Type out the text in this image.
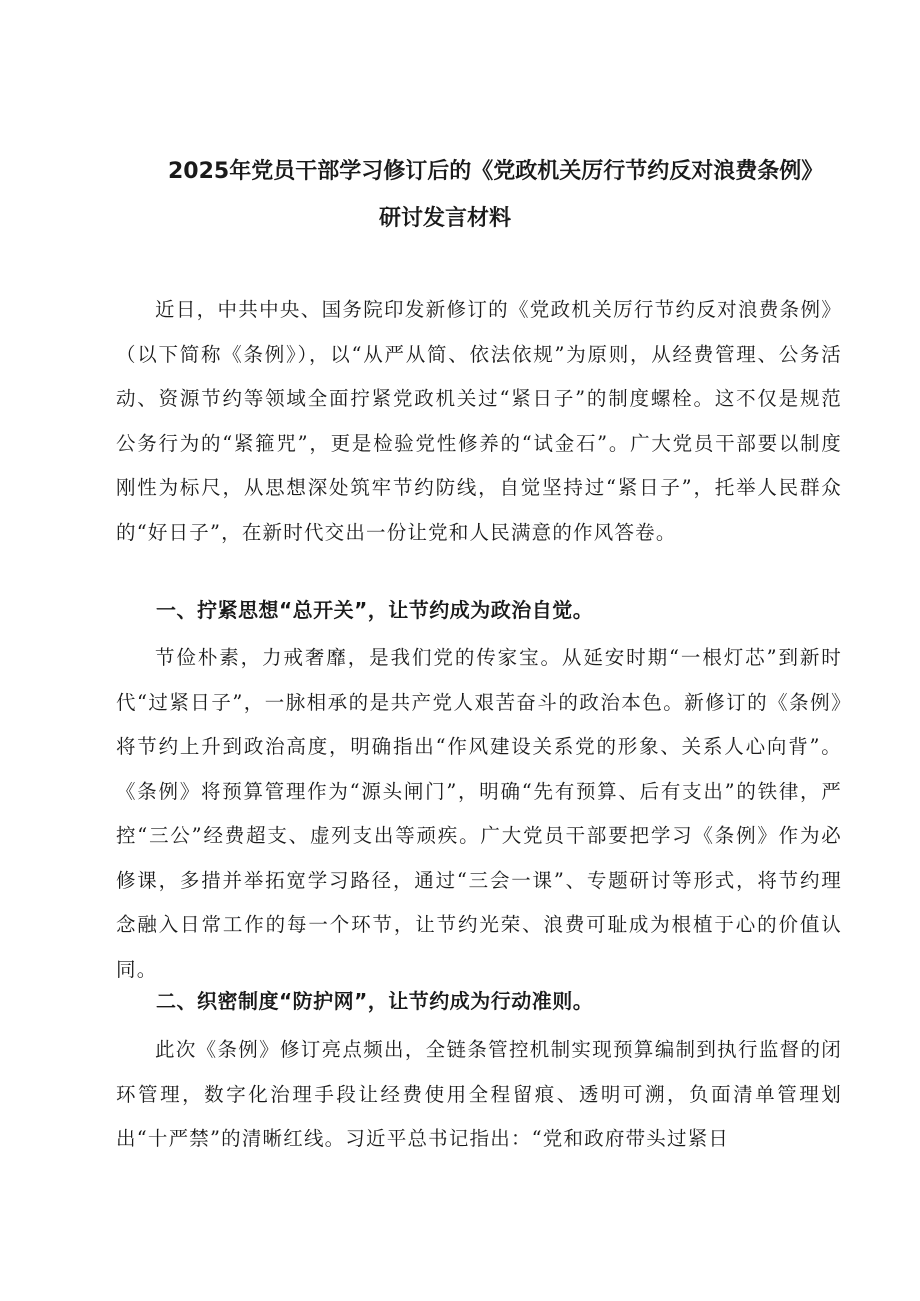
2025年党员干部学习修订后的《党政机关厉行节约反对浪费条例》
研讨发言材料

近日，中共中央、国务院印发新修订的《党政机关厉行节约反对浪费条例》（以下简称《条例》），以“从严从简、依法依规”为原则，从经费管理、公务活动、资源节约等领域全面拧紧党政机关过“紧日子”的制度螺栓。这不仅是规范公务行为的“紧箍咒”，更是检验党性修养的“试金石”。广大党员干部要以制度刚性为标尺，从思想深处筑牢节约防线，自觉坚持过“紧日子”，托举人民群众的“好日子”，在新时代交出一份让党和人民满意的作风答卷。

一、拧紧思想“总开关”，让节约成为政治自觉。

节俭朴素，力戒奢靡，是我们党的传家宝。从延安时期“一根灯芯”到新时代“过紧日子”，一脉相承的是共产党人艰苦奋斗的政治本色。新修订的《条例》将节约上升到政治高度，明确指出“作风建设关系党的形象、关系人心向背”。《条例》将预算管理作为“源头闸门”，明确“先有预算、后有支出”的铁律，严控“三公”经费超支、虚列支出等顽疾。广大党员干部要把学习《条例》作为必修课，多措并举拓宽学习路径，通过“三会一课”、专题研讨等形式，将节约理念融入日常工作的每一个环节，让节约光荣、浪费可耻成为根植于心的价值认同。

二、织密制度“防护网”，让节约成为行动准则。

此次《条例》修订亮点频出，全链条管控机制实现预算编制到执行监督的闭环管理，数字化治理手段让经费使用全程留痕、透明可溯，负面清单管理划出“十严禁”的清晰红线。习近平总书记指出：“党和政府带头过紧日
